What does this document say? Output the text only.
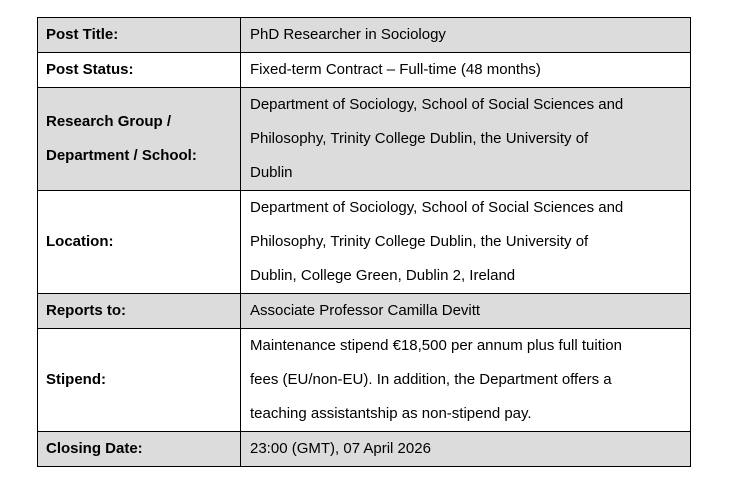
Post Title:	PhD Researcher in Sociology

Post Status:	Fixed-term Contract – Full-time (48 months)

Research Group /
Department / School:	Department of Sociology, School of Social Sciences and
Philosophy, Trinity College Dublin, the University of
Dublin

Location:	Department of Sociology, School of Social Sciences and
Philosophy, Trinity College Dublin, the University of
Dublin, College Green, Dublin 2, Ireland

Reports to:	Associate Professor Camilla Devitt

Stipend:	Maintenance stipend €18,500 per annum plus full tuition
fees (EU/non-EU). In addition, the Department offers a
teaching assistantship as non-stipend pay.

Closing Date:	23:00 (GMT), 07 April 2026
